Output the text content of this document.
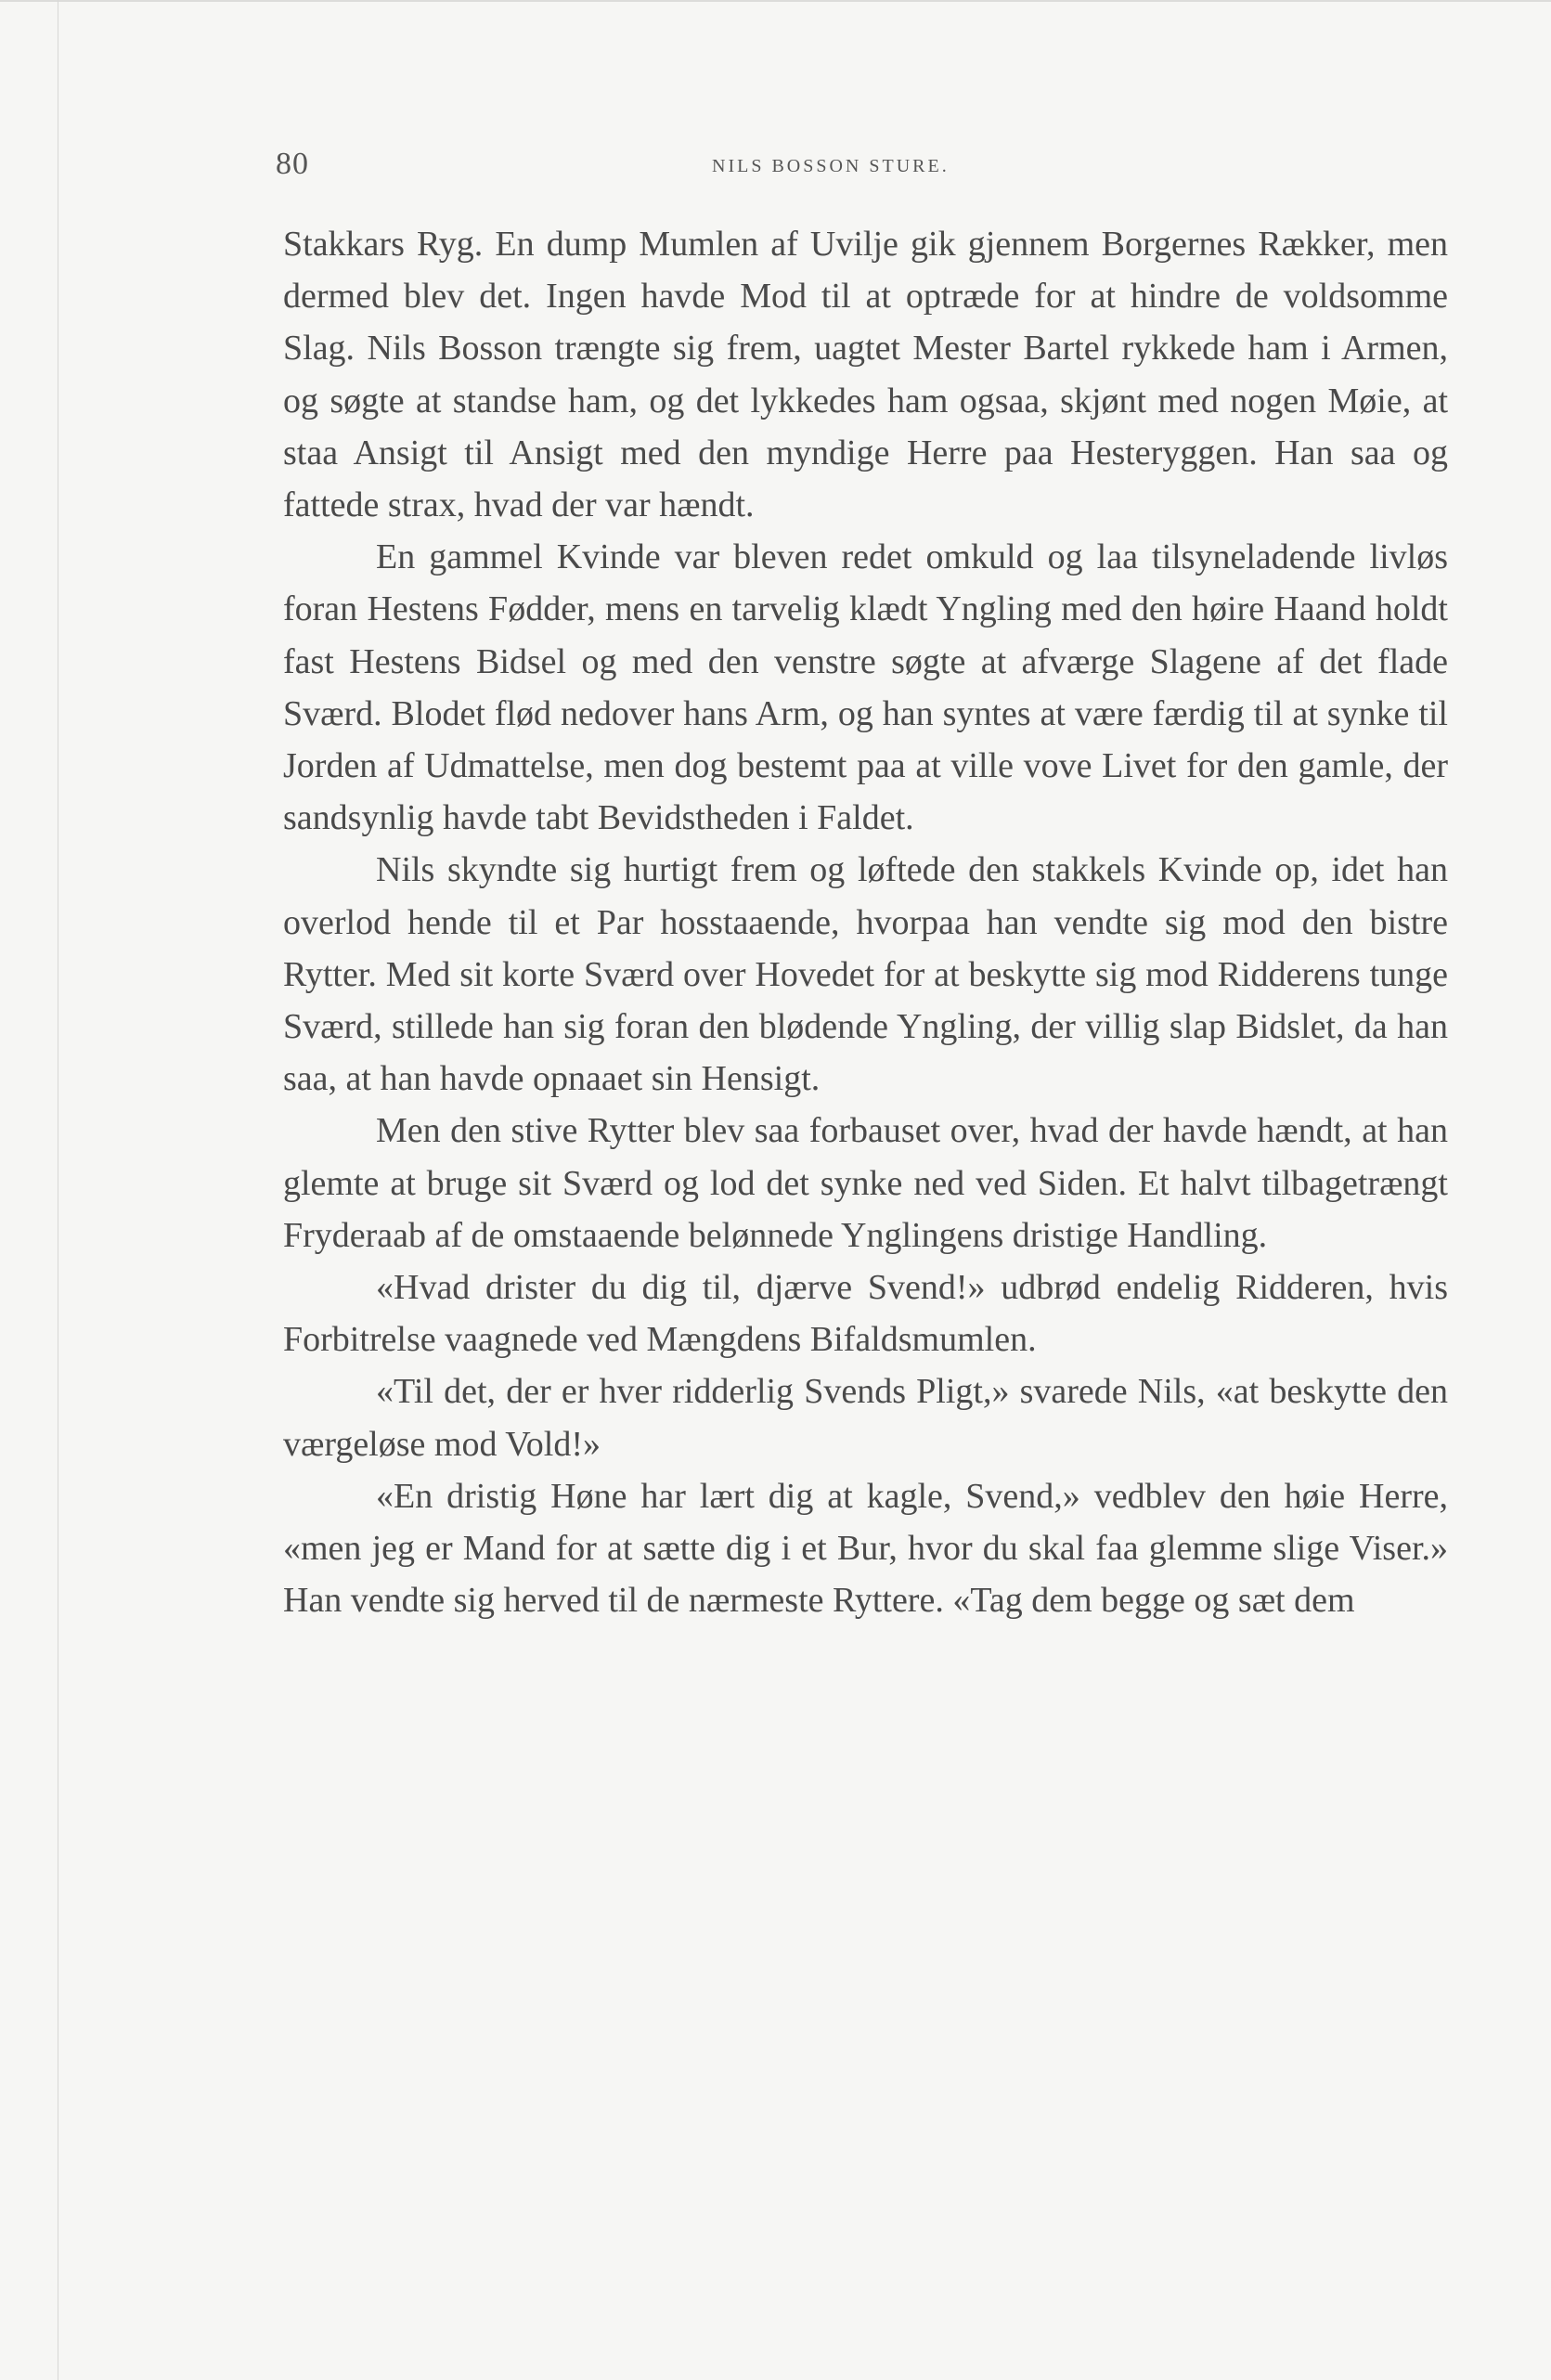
80	NILS BOSSON STURE.

Stakkars Ryg. En dump Mumlen af Uvilje gik gjennem Borgernes Rækker, men dermed blev det. Ingen havde Mod til at optræde for at hindre de voldsomme Slag. Nils Bosson trængte sig frem, uagtet Mester Bartel rykkede ham i Armen, og søgte at standse ham, og det lykkedes ham ogsaa, skjønt med nogen Møie, at staa Ansigt til Ansigt med den myndige Herre paa Hesteryggen. Han saa og fattede strax, hvad der var hændt.

En gammel Kvinde var bleven redet omkuld og laa tilsyneladende livløs foran Hestens Fødder, mens en tarvelig klædt Yngling med den høire Haand holdt fast Hestens Bidsel og med den venstre søgte at afværge Slagene af det flade Sværd. Blodet flød nedover hans Arm, og han syntes at være færdig til at synke til Jorden af Udmattelse, men dog bestemt paa at ville vove Livet for den gamle, der sandsynlig havde tabt Bevidstheden i Faldet.

Nils skyndte sig hurtigt frem og løftede den stakkels Kvinde op, idet han overlod hende til et Par hosstaaende, hvorpaa han vendte sig mod den bistre Rytter. Med sit korte Sværd over Hovedet for at beskytte sig mod Ridderens tunge Sværd, stillede han sig foran den blødende Yngling, der villig slap Bidslet, da han saa, at han havde opnaaet sin Hensigt.

Men den stive Rytter blev saa forbauset over, hvad der havde hændt, at han glemte at bruge sit Sværd og lod det synke ned ved Siden. Et halvt tilbagetrængt Fryderaab af de omstaaende belønnede Ynglingens dristige Handling.

«Hvad drister du dig til, djærve Svend!» udbrød endelig Ridderen, hvis Forbitrelse vaagnede ved Mængdens Bifaldsmumlen.

«Til det, der er hver ridderlig Svends Pligt,» svarede Nils, «at beskytte den værgeløse mod Vold!»

«En dristig Høne har lært dig at kagle, Svend,» vedblev den høie Herre, «men jeg er Mand for at sætte dig i et Bur, hvor du skal faa glemme slige Viser.» Han vendte sig herved til de nærmeste Ryttere. «Tag dem begge og sæt dem
